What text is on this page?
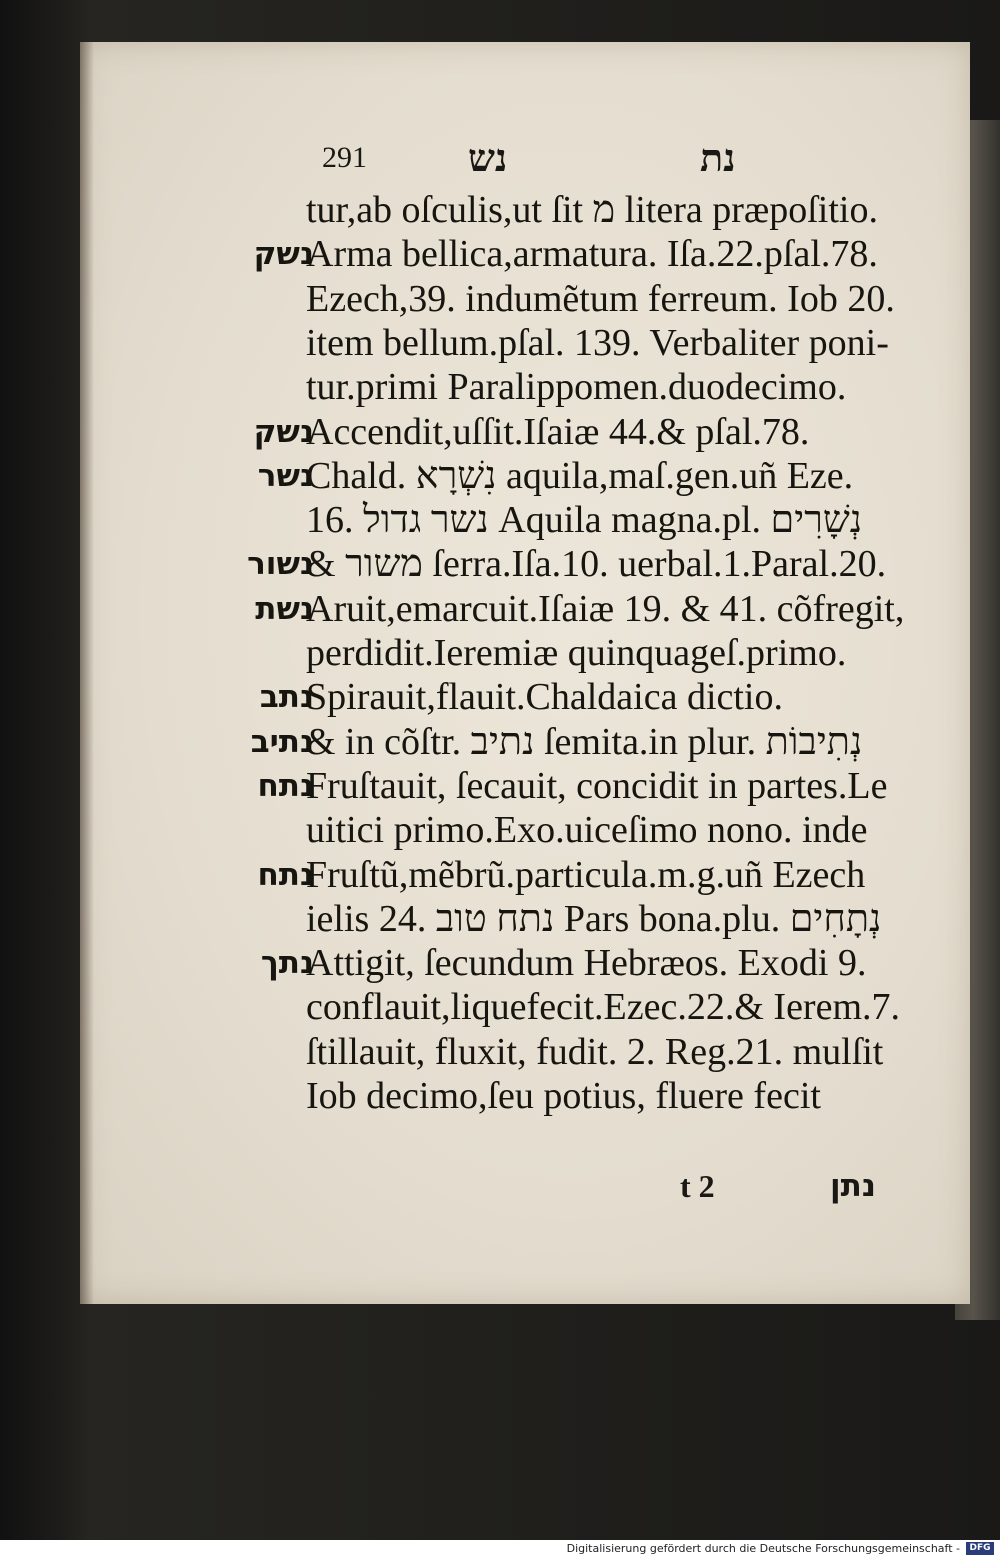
291	נש	נת
tur,ab oſculis,ut ſit מ litera præpoſitio.
נשק
Arma bellica,armatura. Iſa.22.pſal.78.
Ezech,39. indumẽtum ferreum. Iob 20.
item bellum.pſal. 139. Verbaliter poni-
tur.primi Paralippomen.duodecimo.
נשק
Accendit,uſſit.Iſaiæ 44.& pſal.78.
נשר
Chald. נִשְׁרָא aquila,maſ.gen.uñ Eze.
16. נשר גדול Aquila magna.pl. נְשָׁרִים
נשור
& משור ſerra.Iſa.10. uerbal.1.Paral.20.
נשת
Aruit,emarcuit.Iſaiæ 19. & 41. cõfregit,
perdidit.Ieremiæ quinquageſ.primo.
נתב
Spirauit,flauit.Chaldaica dictio.
נתיב
& in cõſtr. נתיב ſemita.in plur. נְתִיבוֹת
נתח
Fruſtauit, ſecauit, concidit in partes.Le
uitici primo.Exo.uiceſimo nono. inde
נתח
Fruſtũ,mẽbrũ.particula.m.g.uñ Ezech
ielis 24. נתח טוב Pars bona.plu. נְתָחִים
נתך
Attigit, ſecundum Hebræos. Exodi 9.
conflauit,liquefecit.Ezec.22.& Ierem.7.
ſtillauit, fluxit, fudit. 2. Reg.21. mulſit
Iob decimo,ſeu potius, fluere fecit
t 2	נתן
Digitalisierung gefördert durch die Deutsche Forschungsgemeinschaft -	DFG
